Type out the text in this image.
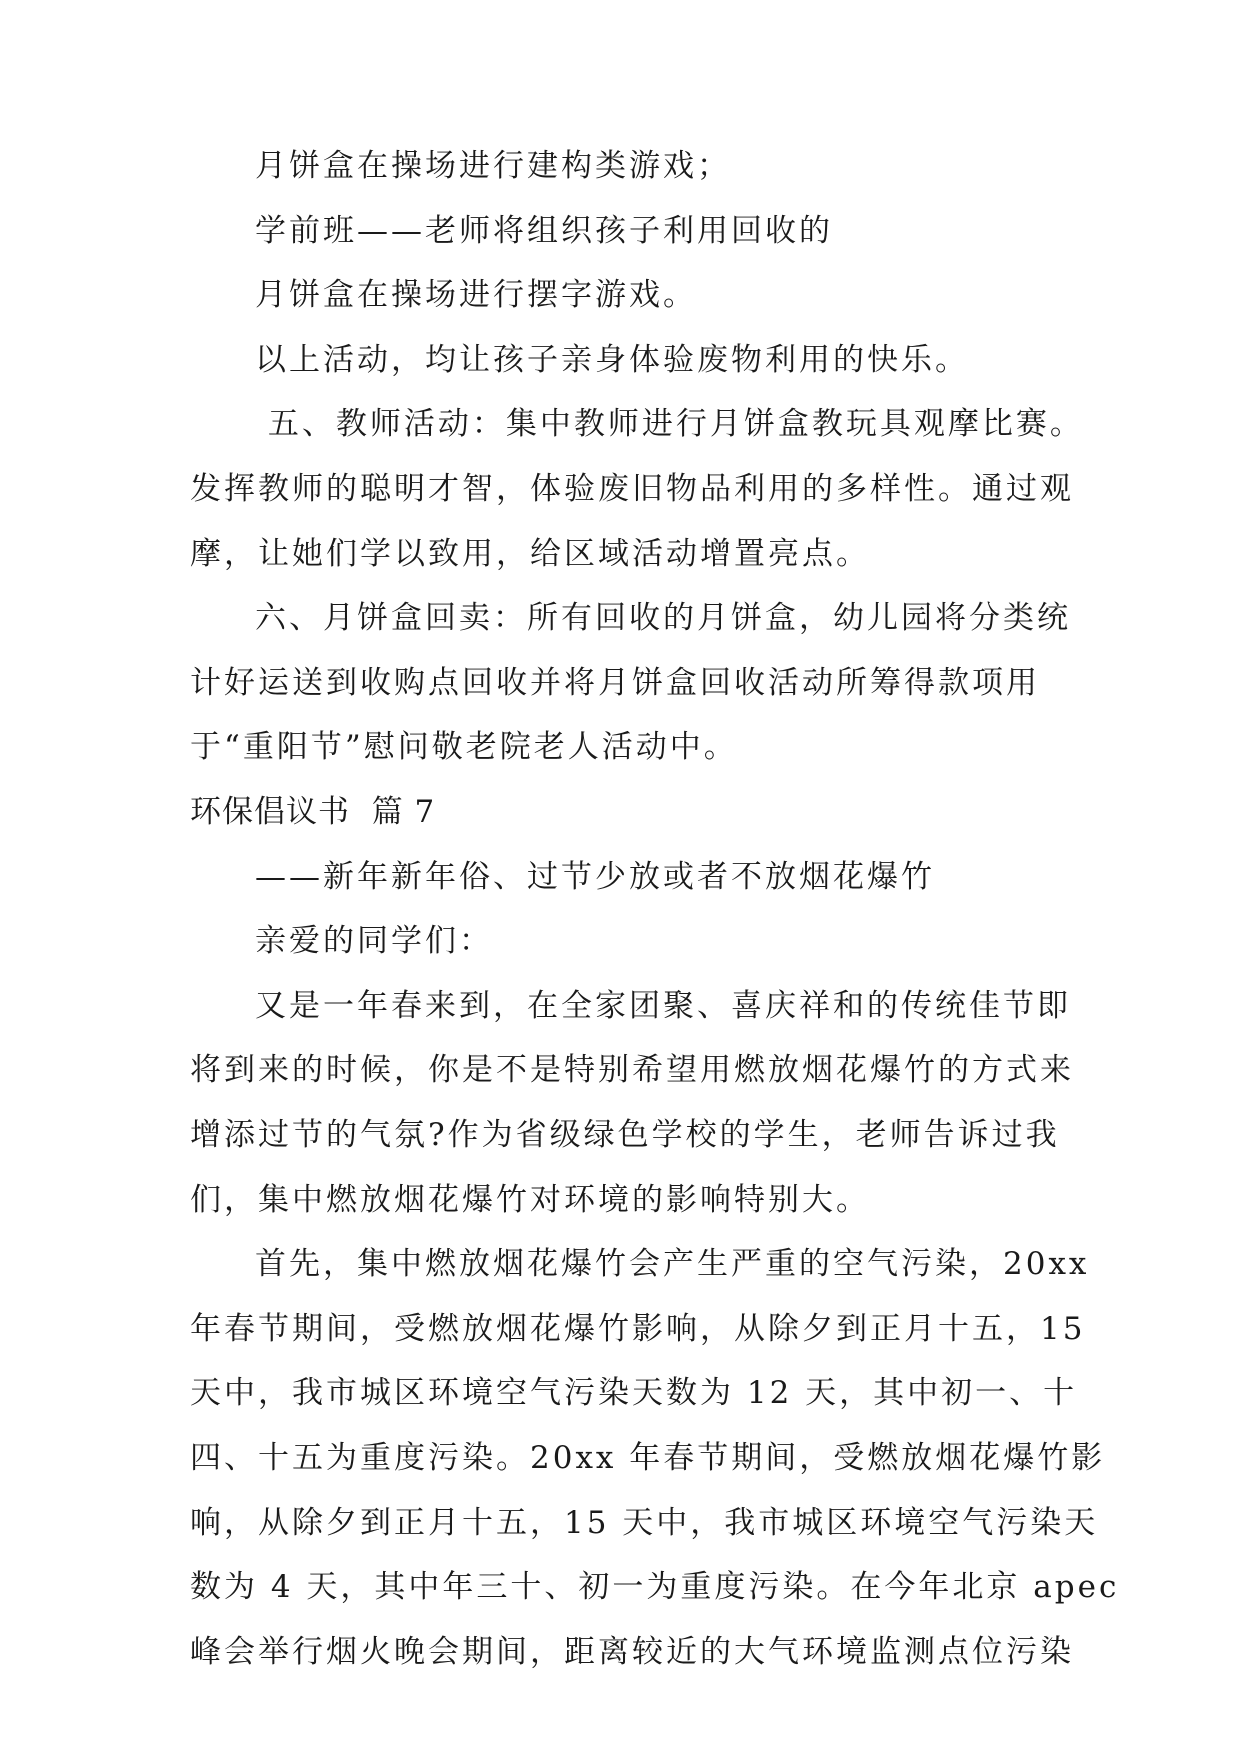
月饼盒在操场进行建构类游戏；
学前班——老师将组织孩子利用回收的
月饼盒在操场进行摆字游戏。
以上活动，均让孩子亲身体验废物利用的快乐。
五、教师活动：集中教师进行月饼盒教玩具观摩比赛。
发挥教师的聪明才智，体验废旧物品利用的多样性。通过观
摩，让她们学以致用，给区域活动增置亮点。
六、月饼盒回卖：所有回收的月饼盒，幼儿园将分类统
计好运送到收购点回收并将月饼盒回收活动所筹得款项用
于“重阳节”慰问敬老院老人活动中。
环保倡议书  篇 7
——新年新年俗、过节少放或者不放烟花爆竹
亲爱的同学们：
又是一年春来到，在全家团聚、喜庆祥和的传统佳节即
将到来的时候，你是不是特别希望用燃放烟花爆竹的方式来
增添过节的气氛?作为省级绿色学校的学生，老师告诉过我
们，集中燃放烟花爆竹对环境的影响特别大。
首先，集中燃放烟花爆竹会产生严重的空气污染，20xx
年春节期间，受燃放烟花爆竹影响，从除夕到正月十五，15
天中，我市城区环境空气污染天数为 12 天，其中初一、十
四、十五为重度污染。20xx 年春节期间，受燃放烟花爆竹影
响，从除夕到正月十五，15 天中，我市城区环境空气污染天
数为 4 天，其中年三十、初一为重度污染。在今年北京 apec
峰会举行烟火晚会期间，距离较近的大气环境监测点位污染
